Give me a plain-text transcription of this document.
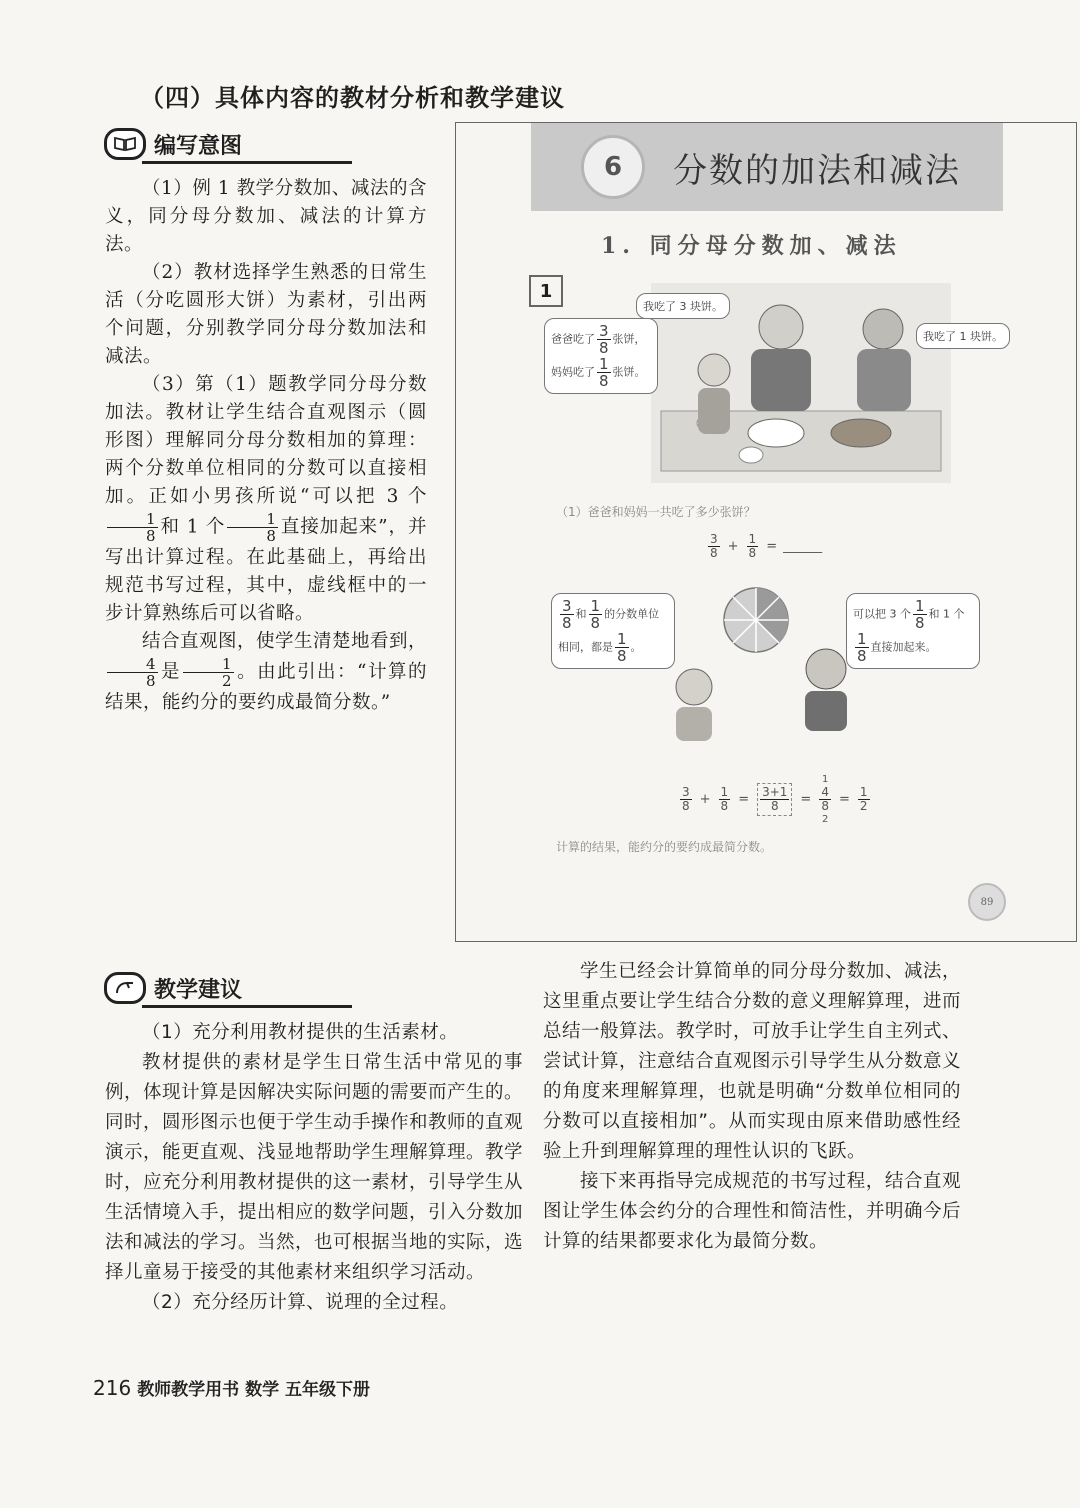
（四）具体内容的教材分析和教学建议
编写意图

（1）例 1 教学分数加、减法的含义，同分母分数加、减法的计算方法。

（2）教材选择学生熟悉的日常生活（分吃圆形大饼）为素材，引出两个问题，分别教学同分母分数加法和减法。

（3）第（1）题教学同分母分数加法。教材让学生结合直观图示（圆形图）理解同分母分数相加的算理：两个分数单位相同的分数可以直接相加。正如小男孩所说“可以把 3 个
$\frac{1}{8}$ 和 1 个 $\frac{1}{8}$ 直接加起来”，并写出计算过程。在此基础上，再给出规范书写过程，其中，虚线框中的一步计算熟练后可以省略。

结合直观图，使学生清楚地看到，
$\frac{4}{8}$ 是 $\frac{1}{2}$ 。由此引出：“计算的结果，能约分的要约成最简分数。”

6	分数的加法和减法
1. 同分母分数加、减法
1
我吃了 3 块饼。
我吃了 1 块饼。
爸爸吃了 $\frac{3}{8}$ 张饼，
妈妈吃了 $\frac{1}{8}$ 张饼。
（1）爸爸和妈妈一共吃了多少张饼？
$\frac{3}{8} + \frac{1}{8}$ = ______
$\frac{3}{8}$ 和 $\frac{1}{8}$ 的分数单位相同，都是 $\frac{1}{8}$ 。
可以把 3 个 $\frac{1}{8}$ 和 1 个
$\frac{1}{8}$ 直接加起来。
$\frac{3}{8} + \frac{1}{8} = \frac{3+1}{8}$ =
1
4
8
2
= $\frac{1}{2}$
计算的结果，能约分的要约成最简分数。
89
教学建议

（1）充分利用教材提供的生活素材。

教材提供的素材是学生日常生活中常见的事例，体现计算是因解决实际问题的需要而产生的。同时，圆形图示也便于学生动手操作和教师的直观演示，能更直观、浅显地帮助学生理解算理。教学时，应充分利用教材提供的这一素材，引导学生从生活情境入手，提出相应的数学问题，引入分数加法和减法的学习。当然，也可根据当地的实际，选择儿童易于接受的其他素材来组织学习活动。

（2）充分经历计算、说理的全过程。

学生已经会计算简单的同分母分数加、减法，这里重点要让学生结合分数的意义理解算理，进而总结一般算法。教学时，可放手让学生自主列式、尝试计算，注意结合直观图示引导学生从分数意义的角度来理解算理，也就是明确“分数单位相同的分数可以直接相加”。从而实现由原来借助感性经验上升到理解算理的理性认识的飞跃。

接下来再指导完成规范的书写过程，结合直观图让学生体会约分的合理性和简洁性，并明确今后计算的结果都要求化为最简分数。

216 教师教学用书 数学 五年级下册
